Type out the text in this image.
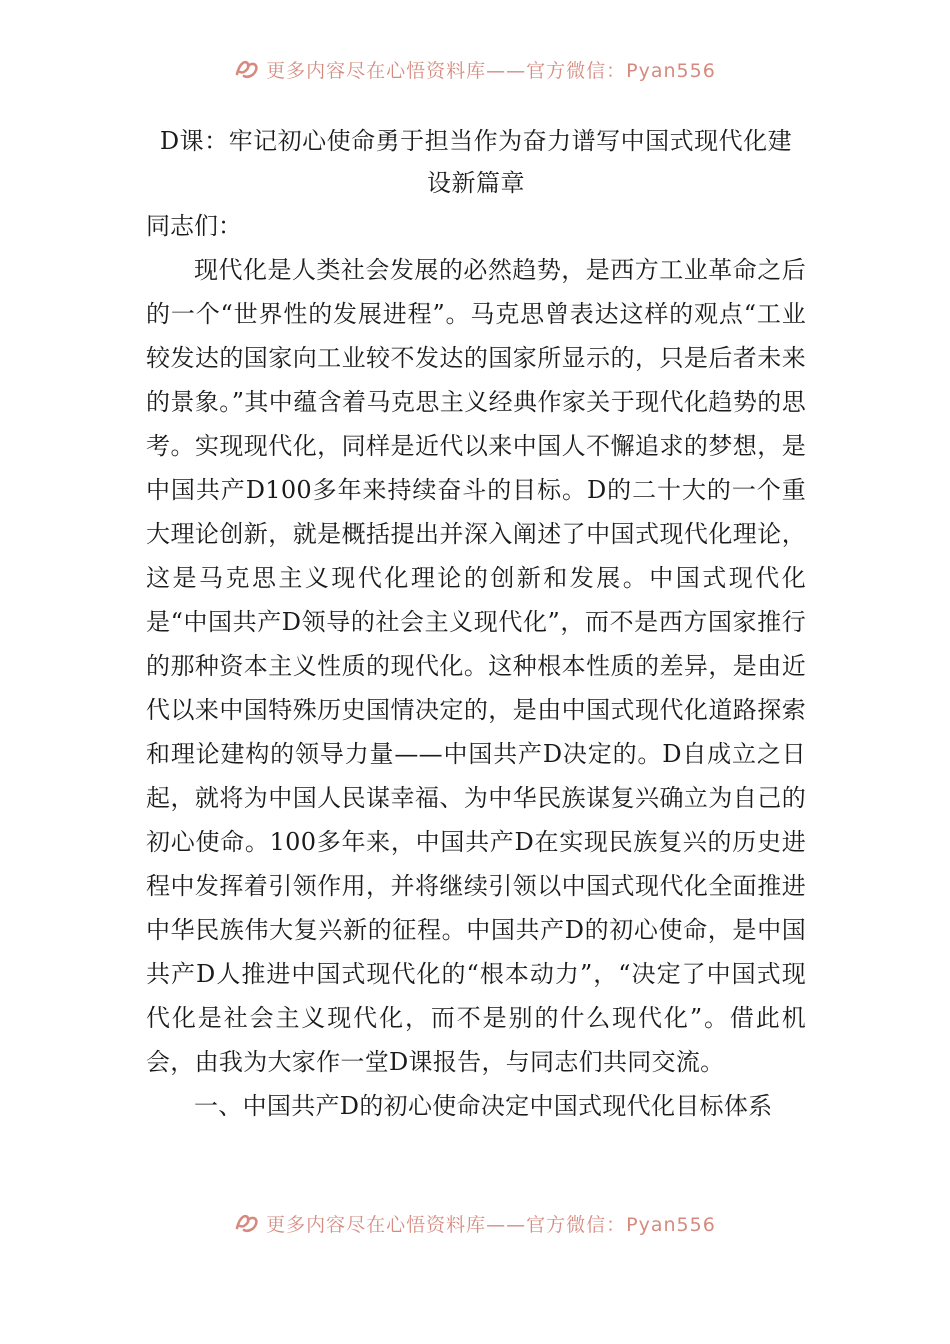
更多内容尽在心悟资料库——官方微信：Pyan556
D课：牢记初心使命勇于担当作为奋力谱写中国式现代化建
设新篇章

同志们：

现代化是人类社会发展的必然趋势，是西方工业革命之后的一个“世界性的发展进程”。马克思曾表达这样的观点“工业较发达的国家向工业较不发达的国家所显示的，只是后者未来的景象。”其中蕴含着马克思主义经典作家关于现代化趋势的思考。实现现代化，同样是近代以来中国人不懈追求的梦想，是中国共产D100多年来持续奋斗的目标。D的二十大的一个重大理论创新，就是概括提出并深入阐述了中国式现代化理论，这是马克思主义现代化理论的创新和发展。中国式现代化是“中国共产D领导的社会主义现代化”，而不是西方国家推行的那种资本主义性质的现代化。这种根本性质的差异，是由近代以来中国特殊历史国情决定的，是由中国式现代化道路探索和理论建构的领导力量——中国共产D决定的。D自成立之日起，就将为中国人民谋幸福、为中华民族谋复兴确立为自己的初心使命。100多年来，中国共产D在实现民族复兴的历史进程中发挥着引领作用，并将继续引领以中国式现代化全面推进中华民族伟大复兴新的征程。中国共产D的初心使命，是中国共产D人推进中国式现代化的“根本动力”，“决定了中国式现代化是社会主义现代化，而不是别的什么现代化”。借此机会，由我为大家作一堂D课报告，与同志们共同交流。

一、中国共产D的初心使命决定中国式现代化目标体系

更多内容尽在心悟资料库——官方微信：Pyan556
